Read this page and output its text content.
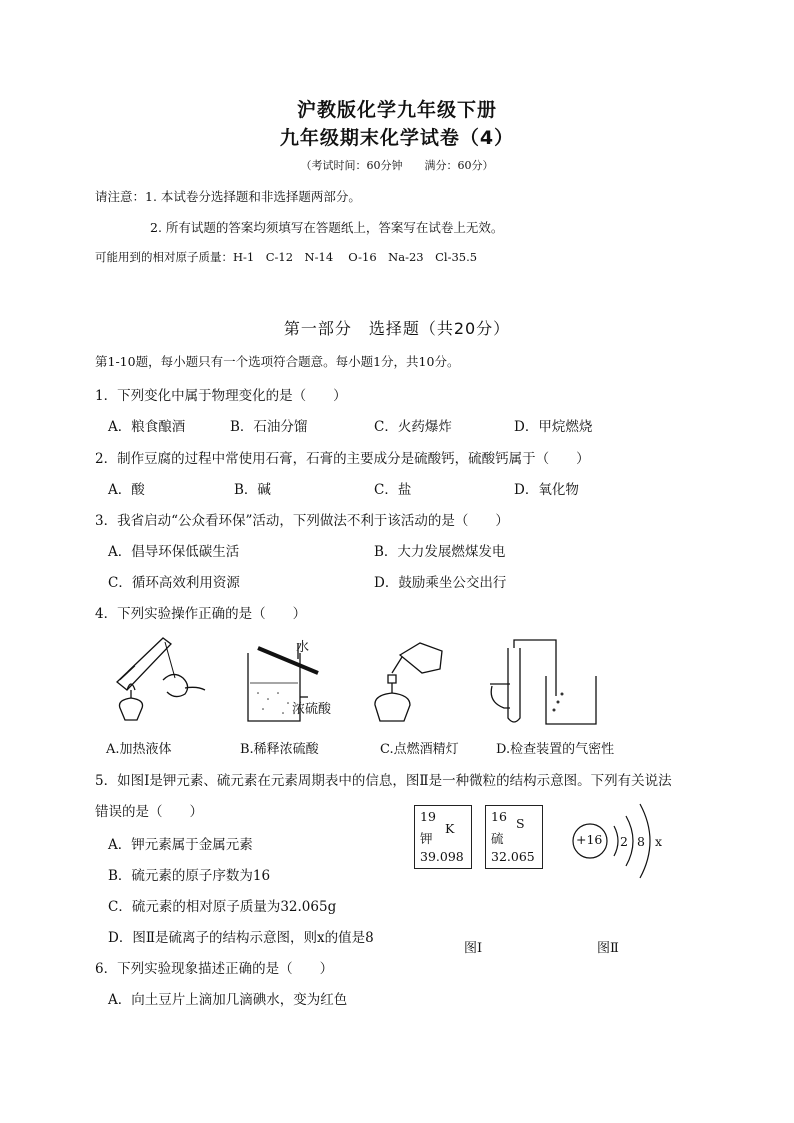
沪教版化学九年级下册
九年级期末化学试卷（4）
（考试时间：60分钟　　满分：60分）
请注意：1. 本试卷分选择题和非选择题两部分。
2. 所有试题的答案均须填写在答题纸上，答案写在试卷上无效。
可能用到的相对原子质量：H-1　C-12　N-14　 O-16　Na-23　Cl-35.5
第一部分　选择题（共20分）
第1-10题，每小题只有一个选项符合题意。每小题1分，共10分。
1．下列变化中属于物理变化的是（　　）
A．粮食酿酒	B．石油分馏	C．火药爆炸	D．甲烷燃烧
2．制作豆腐的过程中常使用石膏，石膏的主要成分是硫酸钙，硫酸钙属于（　　）
A．酸	B．碱	C．盐	D．氧化物
3．我省启动“公众看环保”活动，下列做法不利于该活动的是（　　）
A．倡导环保低碳生活	B．大力发展燃煤发电
C．循环高效利用资源	D．鼓励乘坐公交出行
4．下列实验操作正确的是（　　）
A.加热液体
水
浓硫酸
B.稀释浓硫酸	C.点燃酒精灯	D.检查装置的气密性
5．如图Ⅰ是钾元素、硫元素在元素周期表中的信息，图Ⅱ是一种微粒的结构示意图。下列有关说法
错误的是（　　）
A．钾元素属于金属元素
B．硫元素的原子序数为16
C．硫元素的相对原子质量为32.065g
D．图Ⅱ是硫离子的结构示意图，则x的值是8
19
钾
K
39.098
16
硫
S
32.065
+16 2 8 x
图Ⅰ	图Ⅱ
6．下列实验现象描述正确的是（　　）
A．向土豆片上滴加几滴碘水，变为红色
